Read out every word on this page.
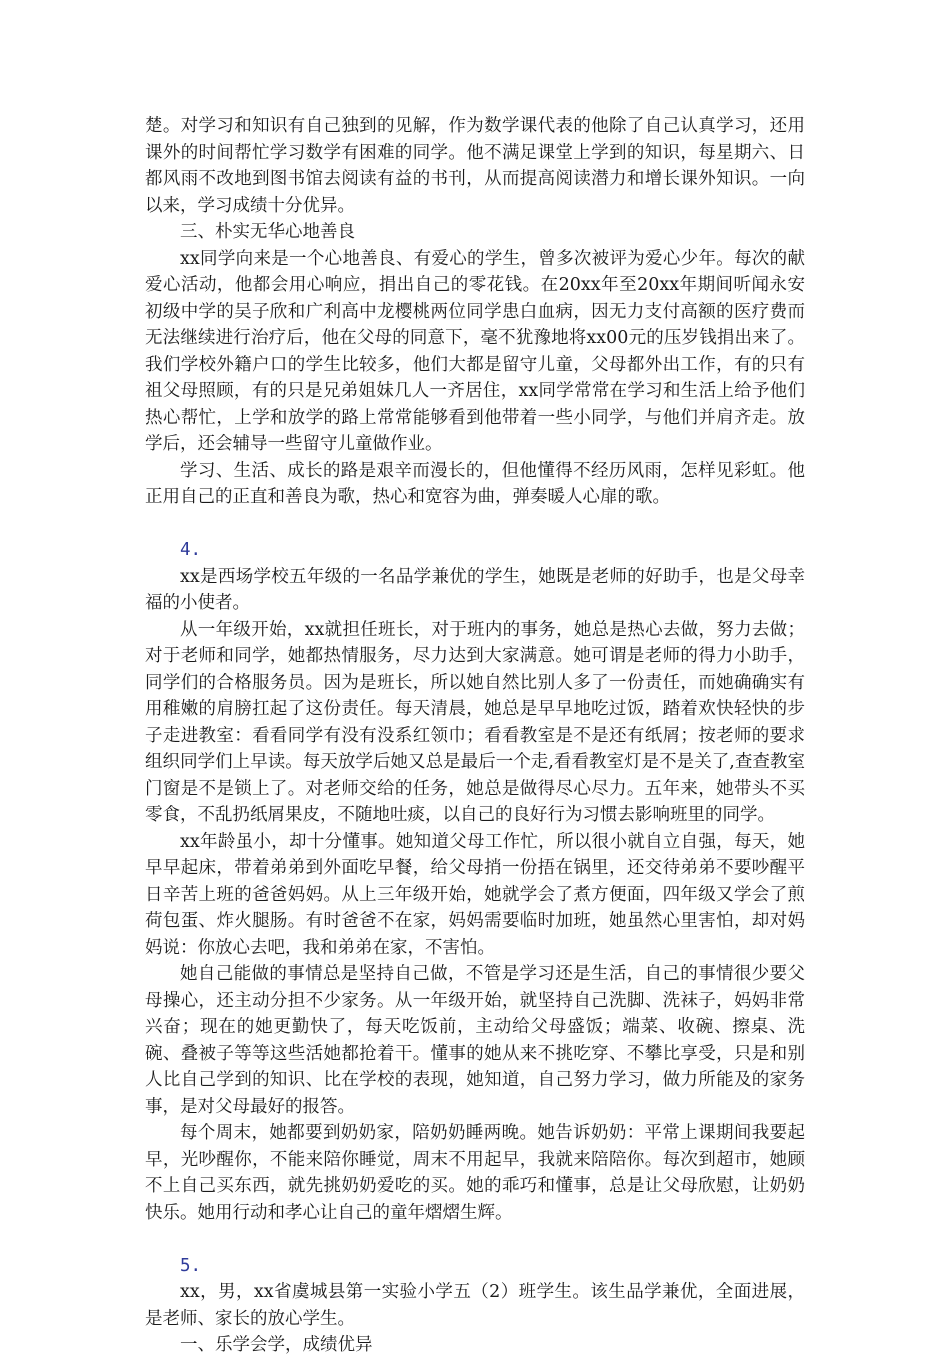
楚。对学习和知识有自己独到的见解，作为数学课代表的他除了自己认真学习，还用课外的时间帮忙学习数学有困难的同学。他不满足课堂上学到的知识，每星期六、日都风雨不改地到图书馆去阅读有益的书刊，从而提高阅读潜力和增长课外知识。一向以来，学习成绩十分优异。

三、朴实无华心地善良

xx同学向来是一个心地善良、有爱心的学生，曾多次被评为爱心少年。每次的献爱心活动，他都会用心响应，捐出自己的零花钱。在20xx年至20xx年期间听闻永安初级中学的吴子欣和广利高中龙樱桃两位同学患白血病，因无力支付高额的医疗费而无法继续进行治疗后，他在父母的同意下，毫不犹豫地将xx00元的压岁钱捐出来了。我们学校外籍户口的学生比较多，他们大都是留守儿童，父母都外出工作，有的只有祖父母照顾，有的只是兄弟姐妹几人一齐居住，xx同学常常在学习和生活上给予他们热心帮忙，上学和放学的路上常常能够看到他带着一些小同学，与他们并肩齐走。放学后，还会辅导一些留守儿童做作业。

学习、生活、成长的路是艰辛而漫长的，但他懂得不经历风雨，怎样见彩虹。他正用自己的正直和善良为歌，热心和宽容为曲，弹奏暖人心扉的歌。

4.

xx是西场学校五年级的一名品学兼优的学生，她既是老师的好助手，也是父母幸福的小使者。

从一年级开始，xx就担任班长，对于班内的事务，她总是热心去做，努力去做；对于老师和同学，她都热情服务，尽力达到大家满意。她可谓是老师的得力小助手，同学们的合格服务员。因为是班长，所以她自然比别人多了一份责任，而她确确实有用稚嫩的肩膀扛起了这份责任。每天清晨，她总是早早地吃过饭，踏着欢快轻快的步子走进教室：看看同学有没有没系红领巾；看看教室是不是还有纸屑；按老师的要求组织同学们上早读。每天放学后她又总是最后一个走,看看教室灯是不是关了,查查教室门窗是不是锁上了。对老师交给的任务，她总是做得尽心尽力。五年来，她带头不买零食，不乱扔纸屑果皮，不随地吐痰，以自己的良好行为习惯去影响班里的同学。

xx年龄虽小，却十分懂事。她知道父母工作忙，所以很小就自立自强，每天，她早早起床，带着弟弟到外面吃早餐，给父母捎一份捂在锅里，还交待弟弟不要吵醒平日辛苦上班的爸爸妈妈。从上三年级开始，她就学会了煮方便面，四年级又学会了煎荷包蛋、炸火腿肠。有时爸爸不在家，妈妈需要临时加班，她虽然心里害怕，却对妈妈说：你放心去吧，我和弟弟在家，不害怕。

她自己能做的事情总是坚持自己做，不管是学习还是生活，自己的事情很少要父母操心，还主动分担不少家务。从一年级开始，就坚持自己洗脚、洗袜子，妈妈非常兴奋；现在的她更勤快了，每天吃饭前，主动给父母盛饭；端菜、收碗、擦桌、洗碗、叠被子等等这些活她都抢着干。懂事的她从来不挑吃穿、不攀比享受，只是和别人比自己学到的知识、比在学校的表现，她知道，自己努力学习，做力所能及的家务事，是对父母最好的报答。

每个周末，她都要到奶奶家，陪奶奶睡两晚。她告诉奶奶：平常上课期间我要起早，光吵醒你，不能来陪你睡觉，周末不用起早，我就来陪陪你。每次到超市，她顾不上自己买东西，就先挑奶奶爱吃的买。她的乖巧和懂事，总是让父母欣慰，让奶奶快乐。她用行动和孝心让自己的童年熠熠生辉。

5.

xx，男，xx省虞城县第一实验小学五（2）班学生。该生品学兼优，全面进展，是老师、家长的放心学生。

一、乐学会学，成绩优异
